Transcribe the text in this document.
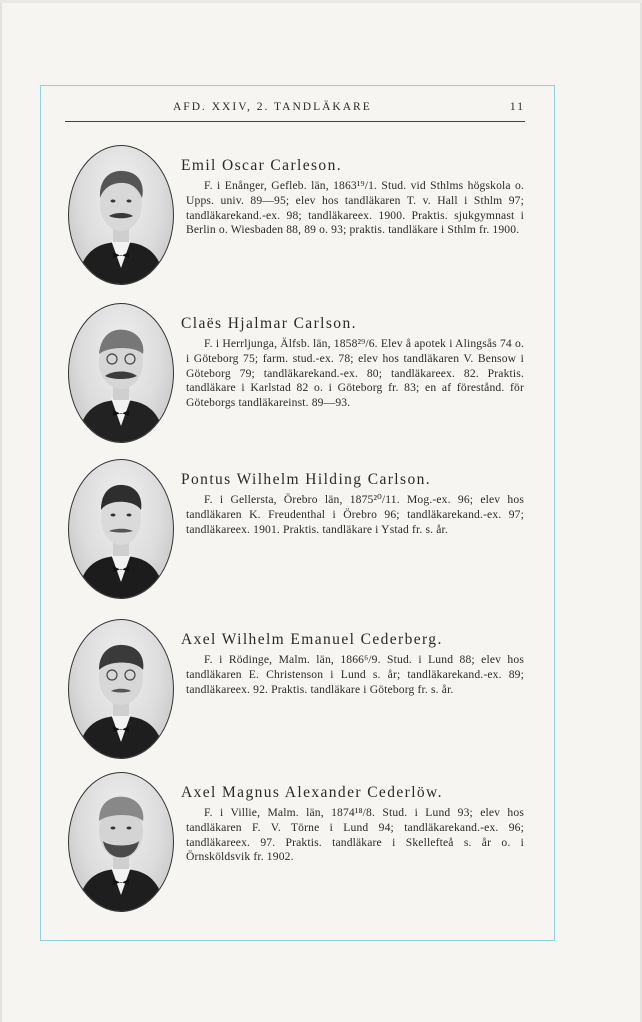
AFD. XXIV, 2. TANDLÄKARE	11
Emil Oscar Carleson.
F. i Enånger, Gefleb. län, 1863¹⁹/1. Stud. vid Sthlms högskola o. Upps. univ. 89—95; elev hos tandläkaren T. v. Hall i Sthlm 97; tandläkarekand.-ex. 98; tandläkareex. 1900. Praktis. sjukgymnast i Berlin o. Wiesbaden 88, 89 o. 93; praktis. tandläkare i Sthlm fr. 1900.
Claës Hjalmar Carlson.
F. i Herrljunga, Älfsb. län, 1858²⁹/6. Elev å apotek i Alingsås 74 o. i Göteborg 75; farm. stud.-ex. 78; elev hos tandläkaren V. Bensow i Göteborg 79; tandläkarekand.-ex. 80; tandläkareex. 82. Praktis. tandläkare i Karlstad 82 o. i Göteborg fr. 83; en af förestånd. för Göteborgs tandläkareinst. 89—93.
Pontus Wilhelm Hilding Carlson.
F. i Gellersta, Örebro län, 1875²⁰/11. Mog.-ex. 96; elev hos tandläkaren K. Freudenthal i Örebro 96; tandläkarekand.-ex. 97; tandläkareex. 1901. Praktis. tandläkare i Ystad fr. s. år.
Axel Wilhelm Emanuel Cederberg.
F. i Rödinge, Malm. län, 1866⁶/9. Stud. i Lund 88; elev hos tandläkaren E. Christenson i Lund s. år; tandläkarekand.-ex. 89; tandläkareex. 92. Praktis. tandläkare i Göteborg fr. s. år.
Axel Magnus Alexander Cederlöw.
F. i Villie, Malm. län, 1874¹⁸/8. Stud. i Lund 93; elev hos tandläkaren F. V. Törne i Lund 94; tandläkarekand.-ex. 96; tandläkareex. 97. Praktis. tandläkare i Skellefteå s. år o. i Örnsköldsvik fr. 1902.
